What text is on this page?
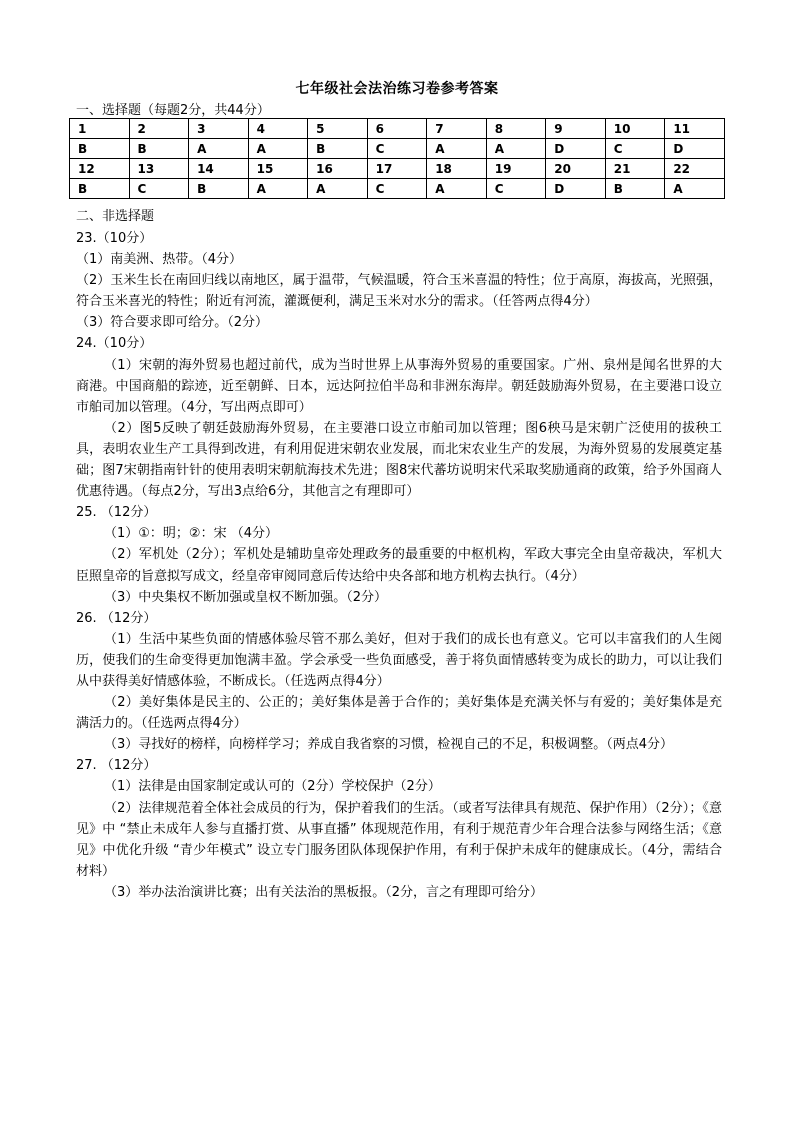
七年级社会法治练习卷参考答案
一、选择题（每题2分，共44分）
1	2	3	4	5	6	7	8	9	10	11
B	B	A	A	B	C	A	A	D	C	D
12	13	14	15	16	17	18	19	20	21	22
B	C	B	A	A	C	A	C	D	B	A
二、非选择题

23.（10分）

（1）南美洲、热带。（4分）

（2）玉米生长在南回归线以南地区，属于温带，气候温暖，符合玉米喜温的特性；位于高原，海拔高，光照强，符合玉米喜光的特性；附近有河流，灌溉便利，满足玉米对水分的需求。（任答两点得4分）

（3）符合要求即可给分。（2分）

24.（10分）

（1）宋朝的海外贸易也超过前代，成为当时世界上从事海外贸易的重要国家。广州、泉州是闻名世界的大商港。中国商船的踪迹，近至朝鲜、日本，远达阿拉伯半岛和非洲东海岸。朝廷鼓励海外贸易，在主要港口设立市舶司加以管理。（4分，写出两点即可）

（2）图5反映了朝廷鼓励海外贸易，在主要港口设立市舶司加以管理；图6秧马是宋朝广泛使用的拔秧工具，表明农业生产工具得到改进，有利用促进宋朝农业发展，而北宋农业生产的发展，为海外贸易的发展奠定基础；图7宋朝指南针针的使用表明宋朝航海技术先进；图8宋代蕃坊说明宋代采取奖励通商的政策，给予外国商人优惠待遇。（每点2分，写出3点给6分，其他言之有理即可）

25. （12分）

（1）①：明；②：宋 （4分）

（2）军机处（2分）；军机处是辅助皇帝处理政务的最重要的中枢机构，军政大事完全由皇帝裁决，军机大臣照皇帝的旨意拟写成文，经皇帝审阅同意后传达给中央各部和地方机构去执行。（4分）

（3）中央集权不断加强或皇权不断加强。（2分）

26. （12分）

（1）生活中某些负面的情感体验尽管不那么美好，但对于我们的成长也有意义。它可以丰富我们的人生阅历，使我们的生命变得更加饱满丰盈。学会承受一些负面感受，善于将负面情感转变为成长的助力，可以让我们从中获得美好情感体验，不断成长。（任选两点得4分）

（2）美好集体是民主的、公正的；美好集体是善于合作的；美好集体是充满关怀与有爱的；美好集体是充满活力的。（任选两点得4分）

（3）寻找好的榜样，向榜样学习；养成自我省察的习惯，检视自己的不足，积极调整。（两点4分）

27. （12分）

（1）法律是由国家制定或认可的（2分）学校保护（2分）

（2）法律规范着全体社会成员的行为，保护着我们的生活。（或者写法律具有规范、保护作用）（2分）；《意见》中 “禁止未成年人参与直播打赏、从事直播” 体现规范作用，有利于规范青少年合理合法参与网络生活；《意见》中优化升级 “青少年模式” 设立专门服务团队体现保护作用，有利于保护未成年的健康成长。（4分，需结合材料）

（3）举办法治演讲比赛；出有关法治的黑板报。（2分，言之有理即可给分）
